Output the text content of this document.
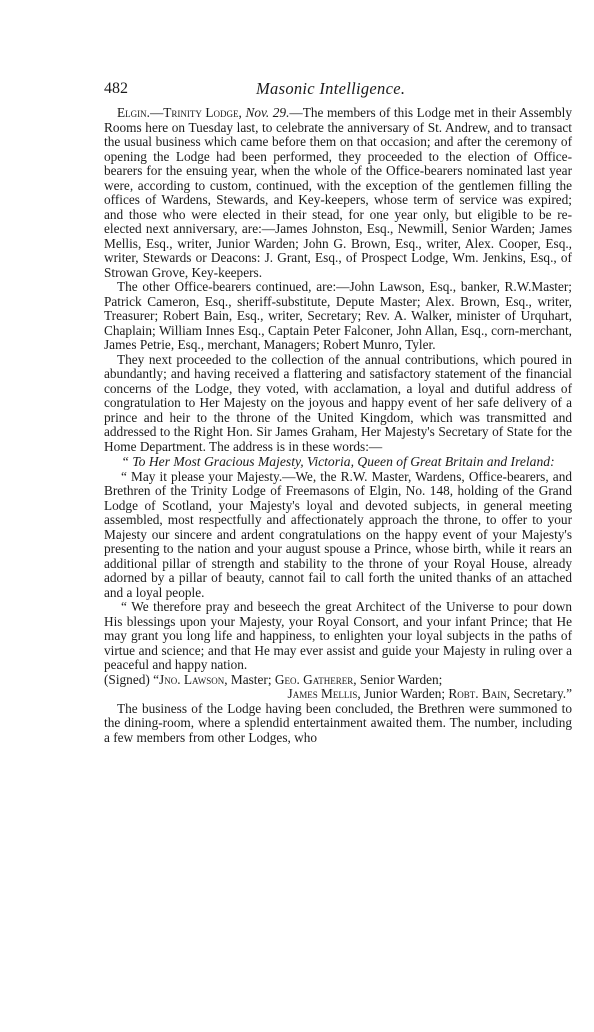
482	Masonic Intelligence.

Elgin.—Trinity Lodge, Nov. 29.—The members of this Lodge met in their Assembly Rooms here on Tuesday last, to celebrate the anniversary of St. Andrew, and to transact the usual business which came before them on that occasion; and after the ceremony of opening the Lodge had been performed, they proceeded to the election of Office-bearers for the ensuing year, when the whole of the Office-bearers nominated last year were, according to custom, continued, with the exception of the gentlemen filling the offices of Wardens, Stewards, and Key-keepers, whose term of service was expired; and those who were elected in their stead, for one year only, but eligible to be re-elected next anniversary, are:—James Johnston, Esq., Newmill, Senior Warden; James Mellis, Esq., writer, Junior Warden; John G. Brown, Esq., writer, Alex. Cooper, Esq., writer, Stewards or Deacons: J. Grant, Esq., of Prospect Lodge, Wm. Jenkins, Esq., of Strowan Grove, Key-keepers.

The other Office-bearers continued, are:—John Lawson, Esq., banker, R.W.Master; Patrick Cameron, Esq., sheriff-substitute, Depute Master; Alex. Brown, Esq., writer, Treasurer; Robert Bain, Esq., writer, Secretary; Rev. A. Walker, minister of Urquhart, Chaplain; William Innes Esq., Captain Peter Falconer, John Allan, Esq., corn-merchant, James Petrie, Esq., merchant, Managers; Robert Munro, Tyler.

They next proceeded to the collection of the annual contributions, which poured in abundantly; and having received a flattering and satisfactory statement of the financial concerns of the Lodge, they voted, with acclamation, a loyal and dutiful address of congratulation to Her Majesty on the joyous and happy event of her safe delivery of a prince and heir to the throne of the United Kingdom, which was transmitted and addressed to the Right Hon. Sir James Graham, Her Majesty's Secretary of State for the Home Department. The address is in these words:—

“ To Her Most Gracious Majesty, Victoria, Queen of Great Britain and Ireland:

“ May it please your Majesty.—We, the R.W. Master, Wardens, Office-bearers, and Brethren of the Trinity Lodge of Freemasons of Elgin, No. 148, holding of the Grand Lodge of Scotland, your Majesty's loyal and devoted subjects, in general meeting assembled, most respectfully and affectionately approach the throne, to offer to your Majesty our sincere and ardent congratulations on the happy event of your Majesty's presenting to the nation and your august spouse a Prince, whose birth, while it rears an additional pillar of strength and stability to the throne of your Royal House, already adorned by a pillar of beauty, cannot fail to call forth the united thanks of an attached and a loyal people.

“ We therefore pray and beseech the great Architect of the Universe to pour down His blessings upon your Majesty, your Royal Consort, and your infant Prince; that He may grant you long life and happiness, to enlighten your loyal subjects in the paths of virtue and science; and that He may ever assist and guide your Majesty in ruling over a peaceful and happy nation.

(Signed) “Jno. Lawson, Master; Geo. Gatherer, Senior Warden;

James Mellis, Junior Warden; Robt. Bain, Secretary.”

The business of the Lodge having been concluded, the Brethren were summoned to the dining-room, where a splendid entertainment awaited them. The number, including a few members from other Lodges, who
